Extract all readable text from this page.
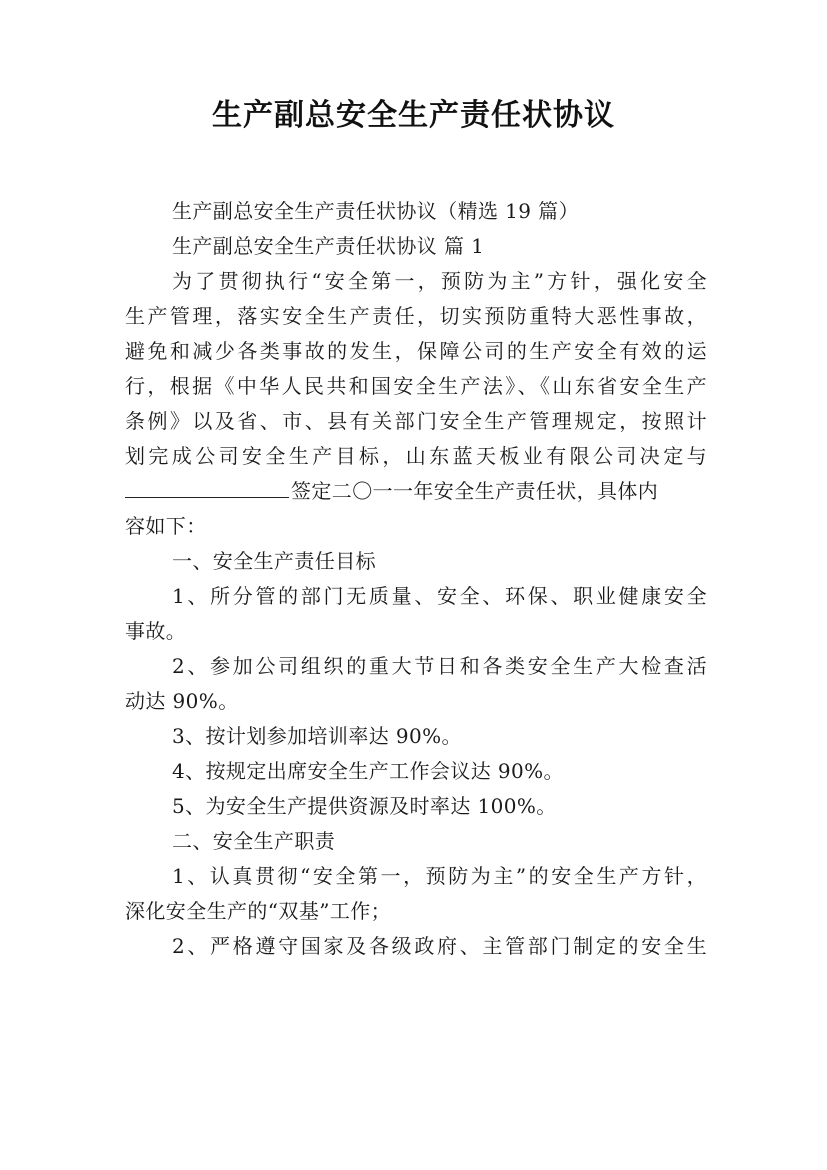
生产副总安全生产责任状协议
生产副总安全生产责任状协议（精选 19 篇）
生产副总安全生产责任状协议 篇 1
为了贯彻执行“安全第一，预防为主”方针，强化安全
生产管理，落实安全生产责任，切实预防重特大恶性事故，
避免和减少各类事故的发生，保障公司的生产安全有效的运
行，根据《中华人民共和国安全生产法》、《山东省安全生产
条例》以及省、市、县有关部门安全生产管理规定，按照计
划完成公司安全生产目标，山东蓝天板业有限公司决定与
签定二〇一一年安全生产责任状，具体内
容如下：
一、安全生产责任目标
1、所分管的部门无质量、安全、环保、职业健康安全
事故。
2、参加公司组织的重大节日和各类安全生产大检查活
动达 90%。
3、按计划参加培训率达 90%。
4、按规定出席安全生产工作会议达 90%。
5、为安全生产提供资源及时率达 100%。
二、安全生产职责
1、认真贯彻“安全第一，预防为主”的安全生产方针，
深化安全生产的“双基”工作；
2、严格遵守国家及各级政府、主管部门制定的安全生
